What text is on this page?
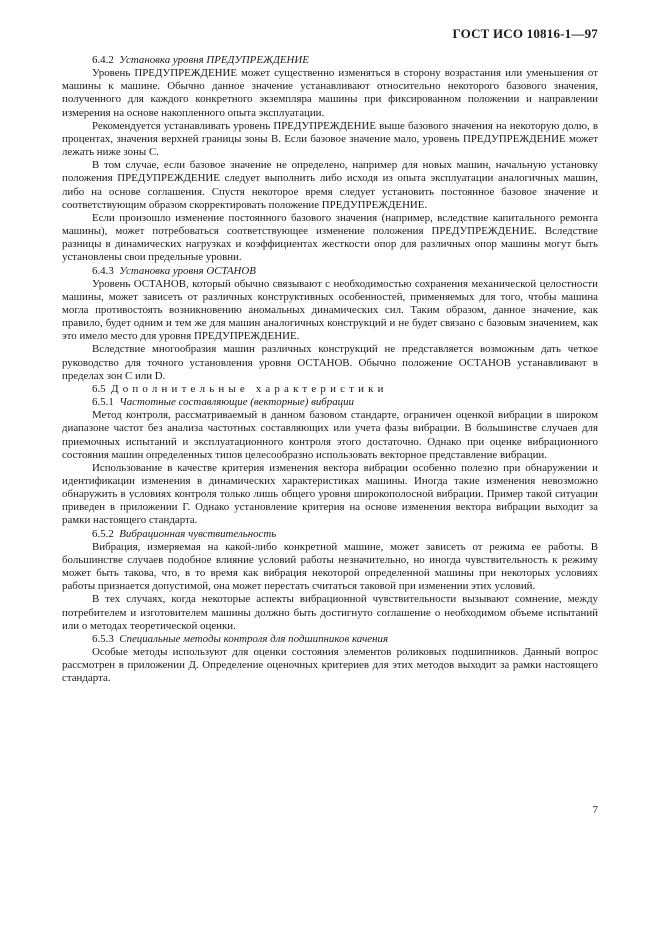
ГОСТ ИСО 10816-1—97
6.4.2 Установка уровня ПРЕДУПРЕЖДЕНИЕ

Уровень ПРЕДУПРЕЖДЕНИЕ может существенно изменяться в сторону возрастания или уменьшения от машины к машине. Обычно данное значение устанавливают относительно некоторого базового значения, полученного для каждого конкретного экземпляра машины при фиксированном положении и направлении измерения на основе накопленного опыта эксплуатации.

Рекомендуется устанавливать уровень ПРЕДУПРЕЖДЕНИЕ выше базового значения на некоторую долю, в процентах, значения верхней границы зоны B. Если базовое значение мало, уровень ПРЕДУПРЕЖДЕНИЕ может лежать ниже зоны C.

В том случае, если базовое значение не определено, например для новых машин, начальную установку положения ПРЕДУПРЕЖДЕНИЕ следует выполнить либо исходя из опыта эксплуатации аналогичных машин, либо на основе соглашения. Спустя некоторое время следует установить постоянное базовое значение и соответствующим образом скорректировать положение ПРЕДУПРЕЖДЕНИЕ.

Если произошло изменение постоянного базового значения (например, вследствие капитального ремонта машины), может потребоваться соответствующее изменение положения ПРЕДУПРЕЖДЕНИЕ. Вследствие разницы в динамических нагрузках и коэффициентах жесткости опор для различных опор машины могут быть установлены свои предельные уровни.

6.4.3 Установка уровня ОСТАНОВ

Уровень ОСТАНОВ, который обычно связывают с необходимостью сохранения механической целостности машины, может зависеть от различных конструктивных особенностей, применяемых для того, чтобы машина могла противостоять возникновению аномальных динамических сил. Таким образом, данное значение, как правило, будет одним и тем же для машин аналогичных конструкций и не будет связано с базовым значением, как это имело место для уровня ПРЕДУПРЕЖДЕНИЕ.

Вследствие многообразия машин различных конструкций не представляется возможным дать четкое руководство для точного установления уровня ОСТАНОВ. Обычно положение ОСТАНОВ устанавливают в пределах зон C или D.

6.5 Дополнительные характеристики
6.5.1 Частотные составляющие (векторные) вибрации

Метод контроля, рассматриваемый в данном базовом стандарте, ограничен оценкой вибрации в широком диапазоне частот без анализа частотных составляющих или учета фазы вибрации. В большинстве случаев для приемочных испытаний и эксплуатационного контроля этого достаточно. Однако при оценке вибрационного состояния машин определенных типов целесообразно использовать векторное представление вибрации.

Использование в качестве критерия изменения вектора вибрации особенно полезно при обнаружении и идентификации изменения в динамических характеристиках машины. Иногда такие изменения невозможно обнаружить в условиях контроля только лишь общего уровня широкополосной вибрации. Пример такой ситуации приведен в приложении Г. Однако установление критерия на основе изменения вектора вибрации выходит за рамки настоящего стандарта.

6.5.2 Вибрационная чувствительность

Вибрация, измеряемая на какой-либо конкретной машине, может зависеть от режима ее работы. В большинстве случаев подобное влияние условий работы незначительно, но иногда чувствительность к режиму может быть такова, что, в то время как вибрация некоторой определенной машины при некоторых условиях работы признается допустимой, она может перестать считаться таковой при изменении этих условий.

В тех случаях, когда некоторые аспекты вибрационной чувствительности вызывают сомнение, между потребителем и изготовителем машины должно быть достигнуто соглашение о необходимом объеме испытаний или о методах теоретической оценки.

6.5.3 Специальные методы контроля для подшипников качения

Особые методы используют для оценки состояния элементов роликовых подшипников. Данный вопрос рассмотрен в приложении Д. Определение оценочных критериев для этих методов выходит за рамки настоящего стандарта.

7
